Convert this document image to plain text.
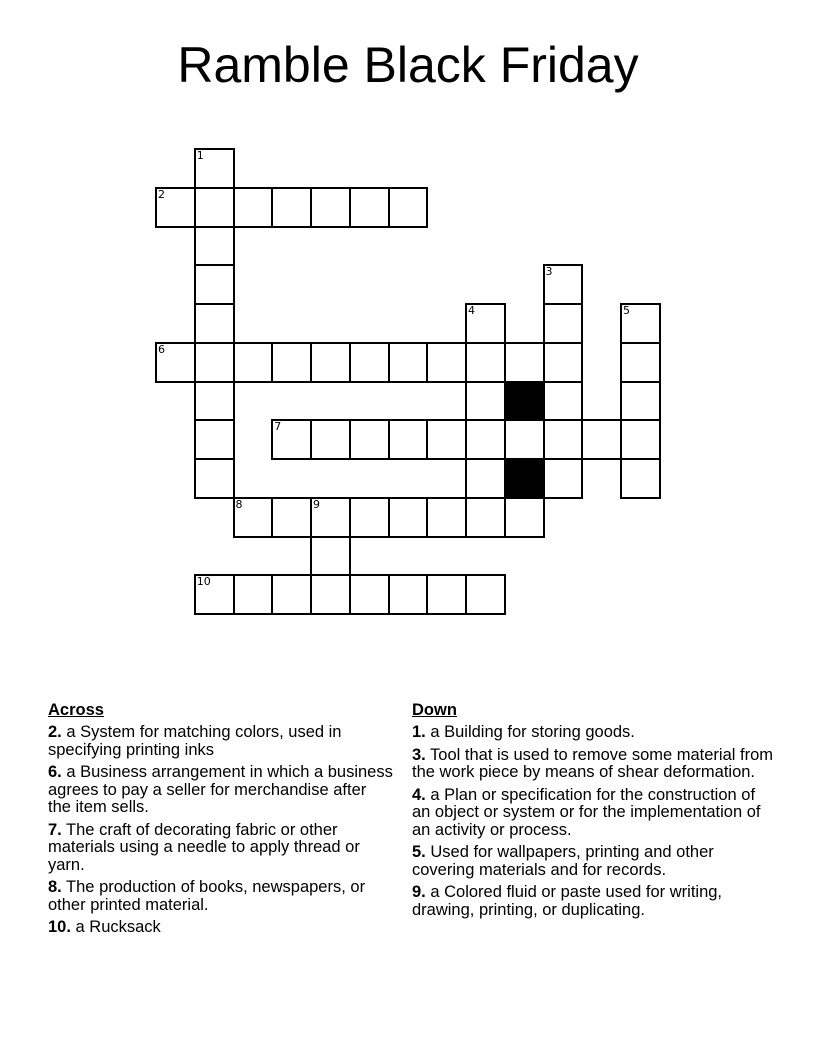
Ramble Black Friday
1
2
3
4	5
6
7
8	9
10
Across
2. a System for matching colors, used in specifying printing inks
6. a Business arrangement in which a business agrees to pay a seller for merchandise after the item sells.
7. The craft of decorating fabric or other materials using a needle to apply thread or yarn.
8. The production of books, newspapers, or other printed material.
10. a Rucksack
Down
1. a Building for storing goods.
3. Tool that is used to remove some material from the work piece by means of shear deformation.
4. a Plan or specification for the construction of an object or system or for the implementation of an activity or process.
5. Used for wallpapers, printing and other covering materials and for records.
9. a Colored fluid or paste used for writing, drawing, printing, or duplicating.
